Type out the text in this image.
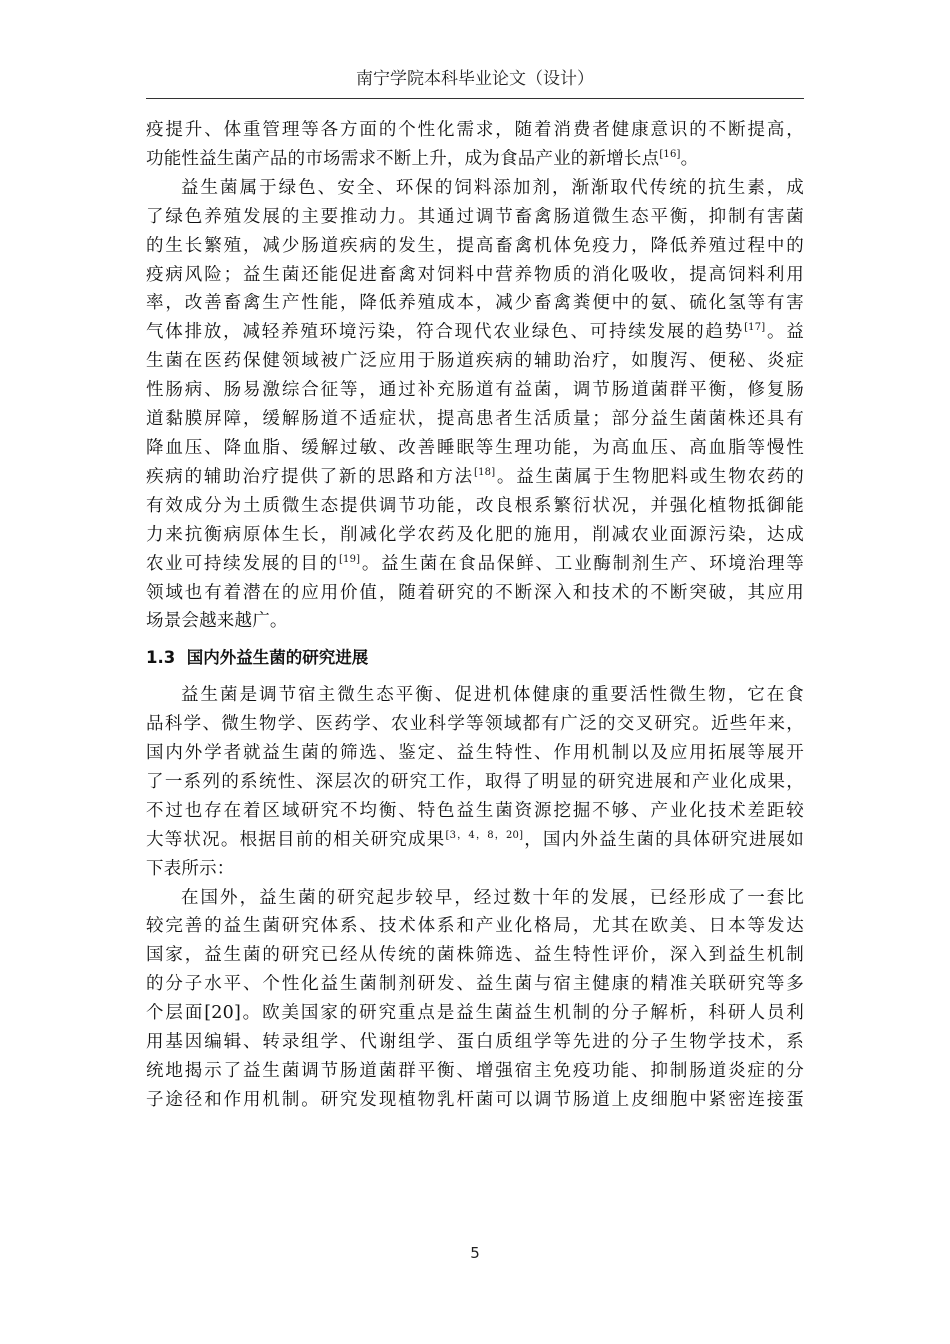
南宁学院本科毕业论文（设计）
疫提升、体重管理等各方面的个性化需求，随着消费者健康意识的不断提高，
功能性益生菌产品的市场需求不断上升，成为食品产业的新增长点[16]。
益生菌属于绿色、安全、环保的饲料添加剂，渐渐取代传统的抗生素，成
了绿色养殖发展的主要推动力。其通过调节畜禽肠道微生态平衡，抑制有害菌
的生长繁殖，减少肠道疾病的发生，提高畜禽机体免疫力，降低养殖过程中的
疫病风险；益生菌还能促进畜禽对饲料中营养物质的消化吸收，提高饲料利用
率，改善畜禽生产性能，降低养殖成本，减少畜禽粪便中的氨、硫化氢等有害
气体排放，减轻养殖环境污染，符合现代农业绿色、可持续发展的趋势[17]。益
生菌在医药保健领域被广泛应用于肠道疾病的辅助治疗，如腹泻、便秘、炎症
性肠病、肠易激综合征等，通过补充肠道有益菌，调节肠道菌群平衡，修复肠
道黏膜屏障，缓解肠道不适症状，提高患者生活质量；部分益生菌菌株还具有
降血压、降血脂、缓解过敏、改善睡眠等生理功能，为高血压、高血脂等慢性
疾病的辅助治疗提供了新的思路和方法[18]。益生菌属于生物肥料或生物农药的
有效成分为土质微生态提供调节功能，改良根系繁衍状况，并强化植物抵御能
力来抗衡病原体生长，削减化学农药及化肥的施用，削减农业面源污染，达成
农业可持续发展的目的[19]。益生菌在食品保鲜、工业酶制剂生产、环境治理等
领域也有着潜在的应用价值，随着研究的不断深入和技术的不断突破，其应用
场景会越来越广。
1.3 国内外益生菌的研究进展
益生菌是调节宿主微生态平衡、促进机体健康的重要活性微生物，它在食
品科学、微生物学、医药学、农业科学等领域都有广泛的交叉研究。近些年来，
国内外学者就益生菌的筛选、鉴定、益生特性、作用机制以及应用拓展等展开
了一系列的系统性、深层次的研究工作，取得了明显的研究进展和产业化成果，
不过也存在着区域研究不均衡、特色益生菌资源挖掘不够、产业化技术差距较
大等状况。根据目前的相关研究成果[3，4，8，20]，国内外益生菌的具体研究进展如
下表所示：
在国外，益生菌的研究起步较早，经过数十年的发展，已经形成了一套比
较完善的益生菌研究体系、技术体系和产业化格局，尤其在欧美、日本等发达
国家，益生菌的研究已经从传统的菌株筛选、益生特性评价，深入到益生机制
的分子水平、个性化益生菌制剂研发、益生菌与宿主健康的精准关联研究等多
个层面[20]。欧美国家的研究重点是益生菌益生机制的分子解析，科研人员利
用基因编辑、转录组学、代谢组学、蛋白质组学等先进的分子生物学技术，系
统地揭示了益生菌调节肠道菌群平衡、增强宿主免疫功能、抑制肠道炎症的分
子途径和作用机制。研究发现植物乳杆菌可以调节肠道上皮细胞中紧密连接蛋
5
